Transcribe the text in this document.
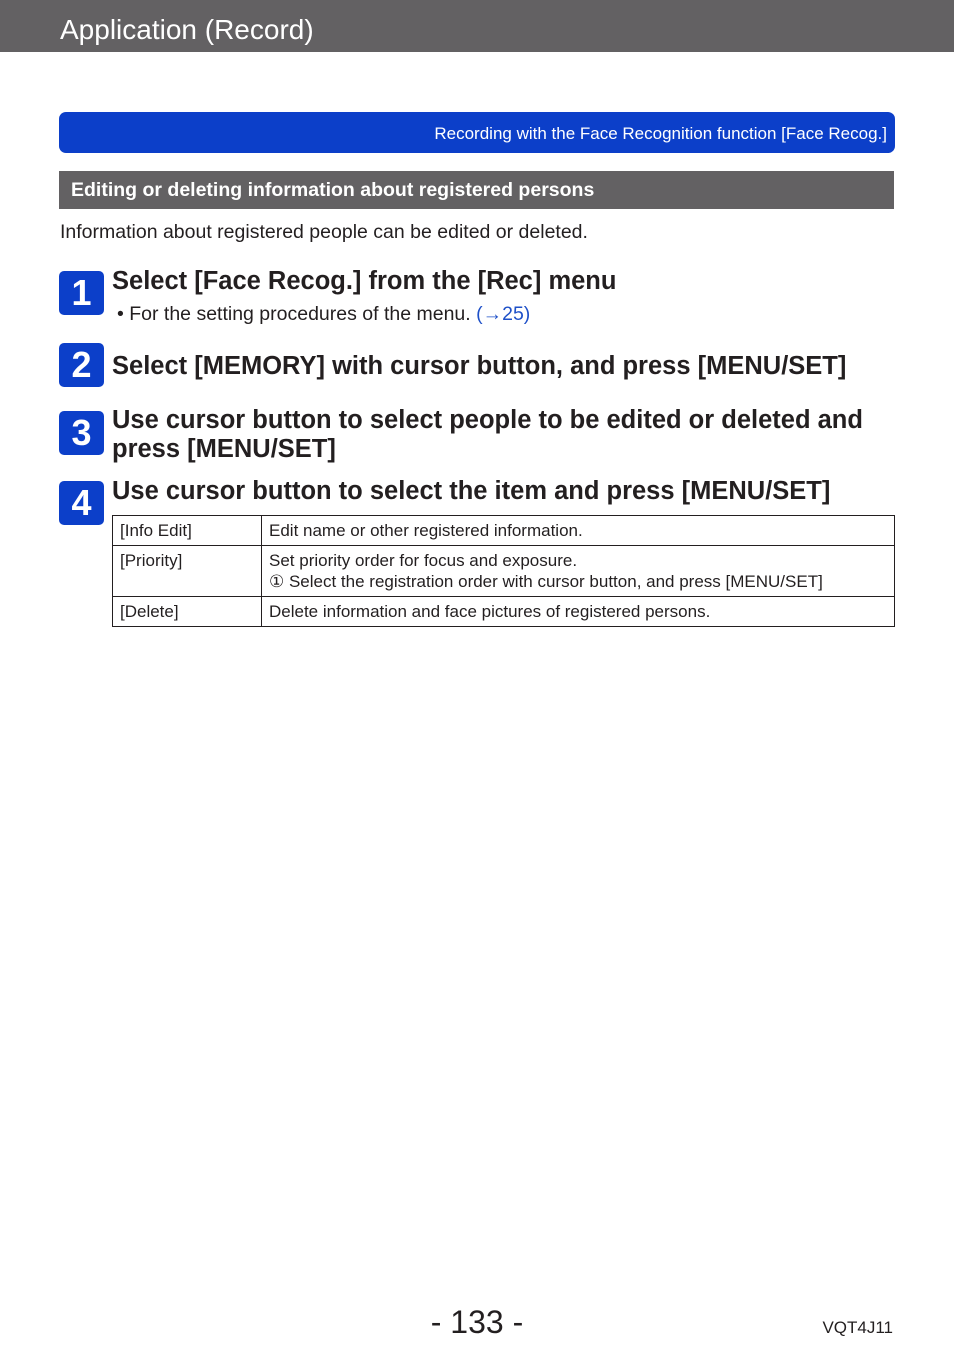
Application (Record)
Recording with the Face Recognition function [Face Recog.]
Editing or deleting information about registered persons
Information about registered people can be edited or deleted.
1 Select [Face Recog.] from the [Rec] menu
• For the setting procedures of the menu. (→25)
2 Select [MEMORY] with cursor button, and press [MENU/SET]
3 Use cursor button to select people to be edited or deleted and press [MENU/SET]
4 Use cursor button to select the item and press [MENU/SET]
[Info Edit]	Edit name or other registered information.

[Priority]	Set priority order for focus and exposure.
① Select the registration order with cursor button, and press [MENU/SET]

[Delete]	Delete information and face pictures of registered persons.
- 133 -	VQT4J11
